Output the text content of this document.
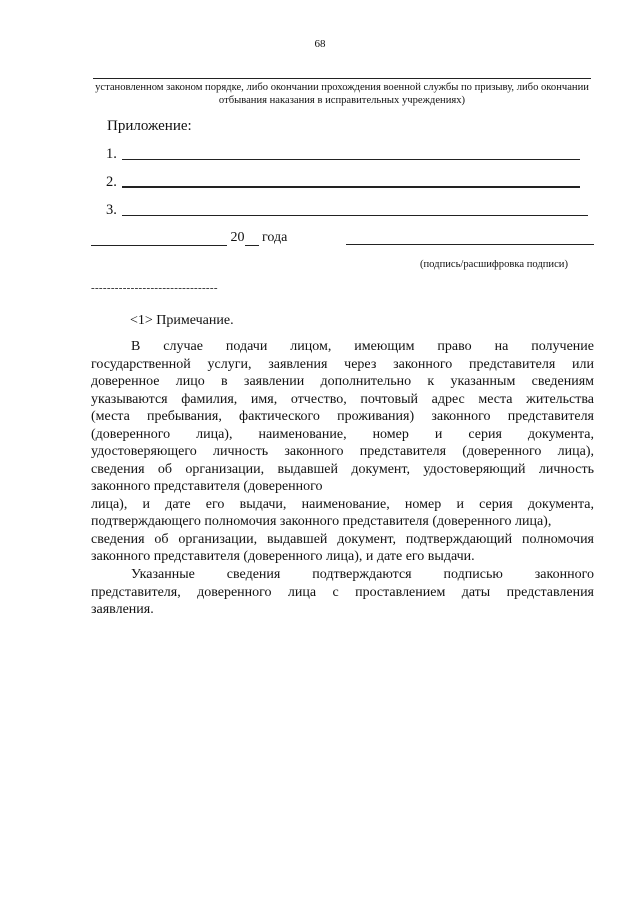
68
установленном законом порядке, либо окончании прохождения военной службы по призыву, либо окончании отбывания наказания в исправительных учреждениях)
Приложение:
1.
2.
3.
20 года
(подпись/расшифровка подписи)
--------------------------------
<1> Примечание.

В случае подачи лицом, имеющим право на получение

государственной услуги, заявления через законного представителя или

доверенное лицо в заявлении дополнительно к указанным сведениям

указываются фамилия, имя, отчество, почтовый адрес места жительства

(места пребывания, фактического проживания) законного представителя

(доверенного лица), наименование, номер и серия документа,

удостоверяющего личность законного представителя (доверенного лица),

сведения об организации, выдавшей документ, удостоверяющий личность

законного представителя (доверенного

лица), и дате его выдачи, наименование, номер и серия документа,

подтверждающего полномочия законного представителя (доверенного лица),

сведения об организации, выдавшей документ, подтверждающий полномочия

законного представителя (доверенного лица), и дате его выдачи.

Указанные сведения подтверждаются подписью законного

представителя, доверенного лица с проставлением даты представления

заявления.
